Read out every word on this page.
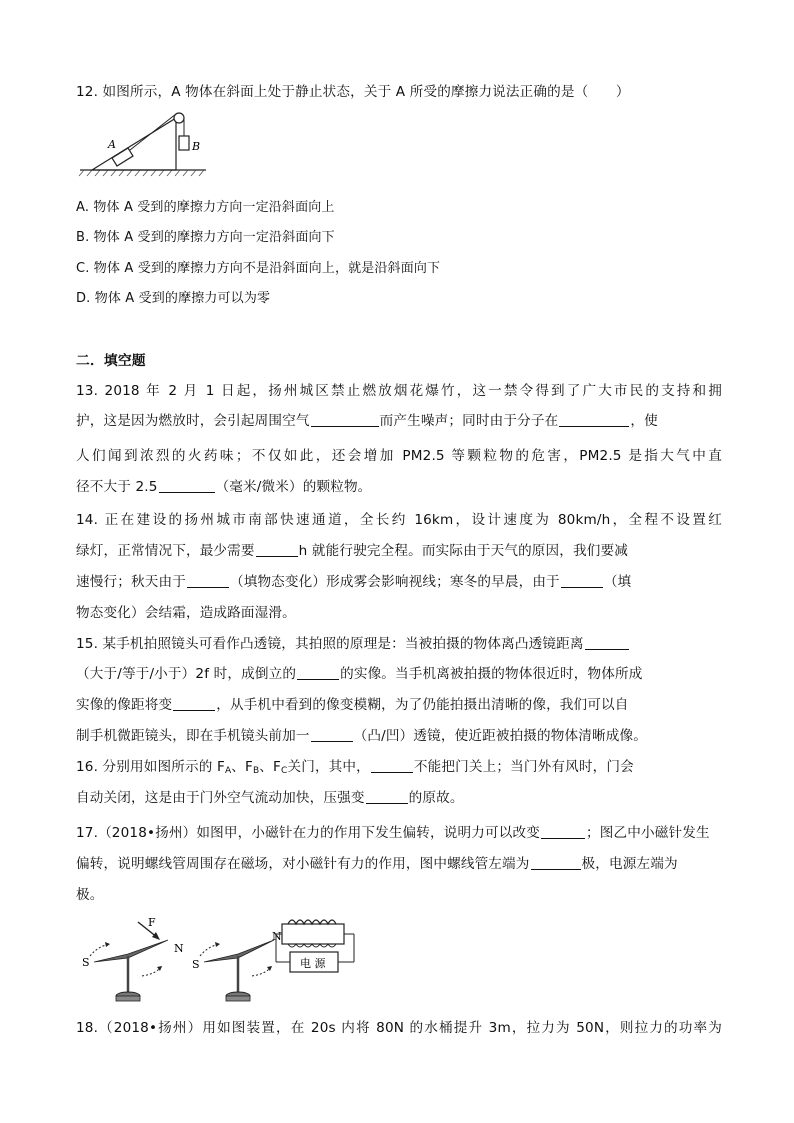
12. 如图所示，A 物体在斜面上处于静止状态，关于 A 所受的摩擦力说法正确的是（　　）
A	B
A. 物体 A 受到的摩擦力方向一定沿斜面向上
B. 物体 A 受到的摩擦力方向一定沿斜面向下
C. 物体 A 受到的摩擦力方向不是沿斜面向上，就是沿斜面向下
D. 物体 A 受到的摩擦力可以为零
二．填空题
13. 2018 年 2 月 1 日起，扬州城区禁止燃放烟花爆竹，这一禁令得到了广大市民的支持和拥
护，这是因为燃放时，会引起周围空气	而产生噪声；同时由于分子在	，使
人们闻到浓烈的火药味；不仅如此，还会增加 PM2.5 等颗粒物的危害，PM2.5 是指大气中直
径不大于 2.5	（毫米/微米）的颗粒物。
14. 正在建设的扬州城市南部快速通道，全长约 16km，设计速度为 80km/h，全程不设置红
绿灯，正常情况下，最少需要	h 就能行驶完全程。而实际由于天气的原因，我们要减
速慢行；秋天由于	（填物态变化）形成雾会影响视线；寒冬的早晨，由于	（填
物态变化）会结霜，造成路面湿滑。
15. 某手机拍照镜头可看作凸透镜，其拍照的原理是：当被拍摄的物体离凸透镜距离
（大于/等于/小于）2f 时，成倒立的	的实像。当手机离被拍摄的物体很近时，物体所成
实像的像距将变	，从手机中看到的像变模糊，为了仍能拍摄出清晰的像，我们可以自
制手机微距镜头，即在手机镜头前加一	（凸/凹）透镜，使近距被拍摄的物体清晰成像。
16. 分别用如图所示的 $F_A$、$F_B$、$F_C$关门，其中，	不能把门关上；当门外有风时，门会
自动关闭，这是由于门外空气流动加快，压强变	的原故。
17.（2018•扬州）如图甲，小磁针在力的作用下发生偏转，说明力可以改变	；图乙中小磁针发生
偏转，说明螺线管周围存在磁场，对小磁针有力的作用，图中螺线管左端为	极，电源左端为
极。
S
N
F
S
N
电 源
18.（2018•扬州）用如图装置，在 20s 内将 80N 的水桶提升 3m，拉力为 50N，则拉力的功率为
